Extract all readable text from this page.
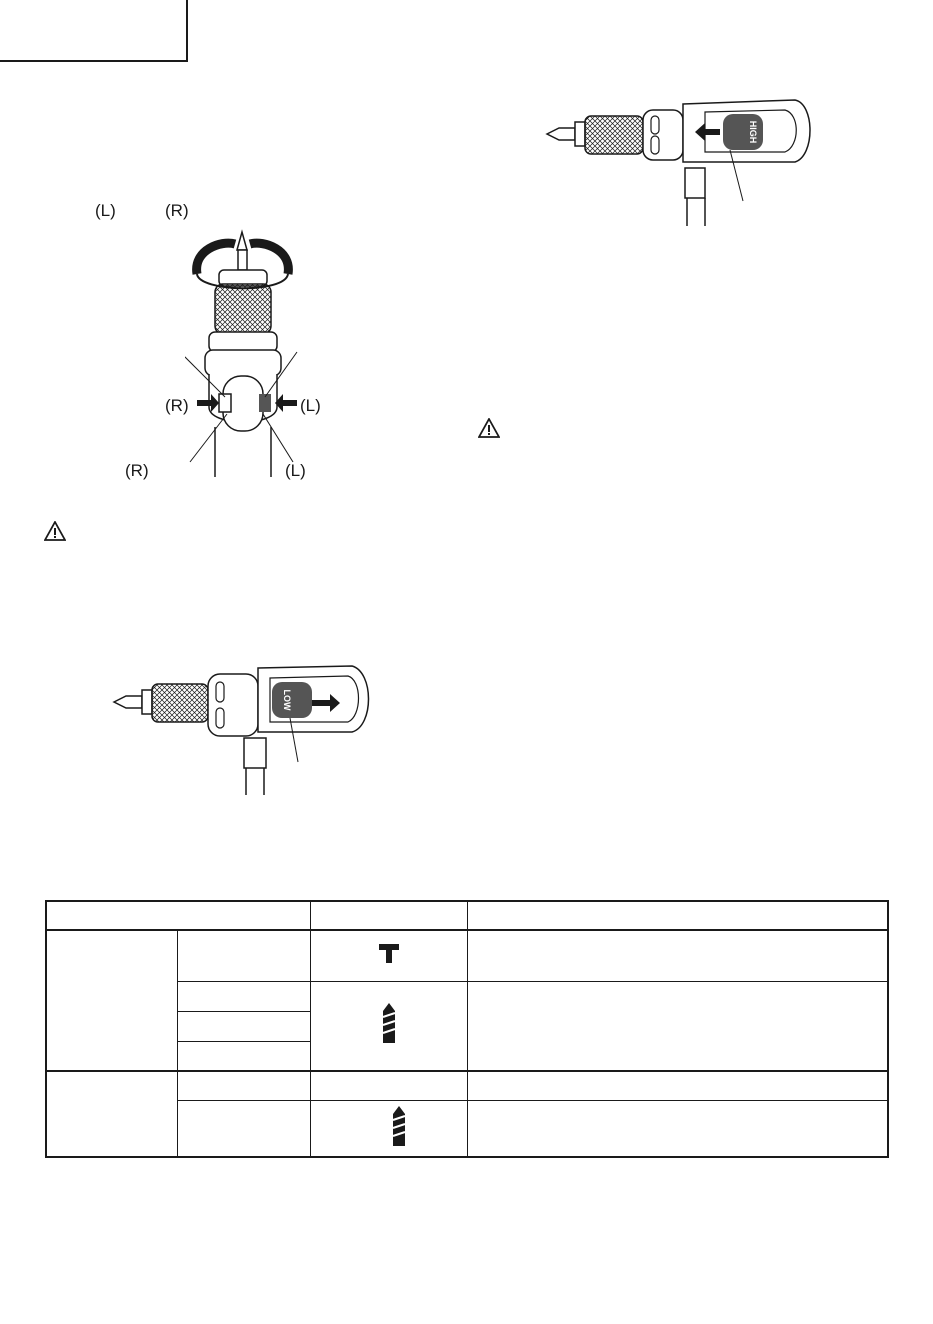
(L)	(R)
(R)	(L)
(R)	(L)
HIGH
LOW
